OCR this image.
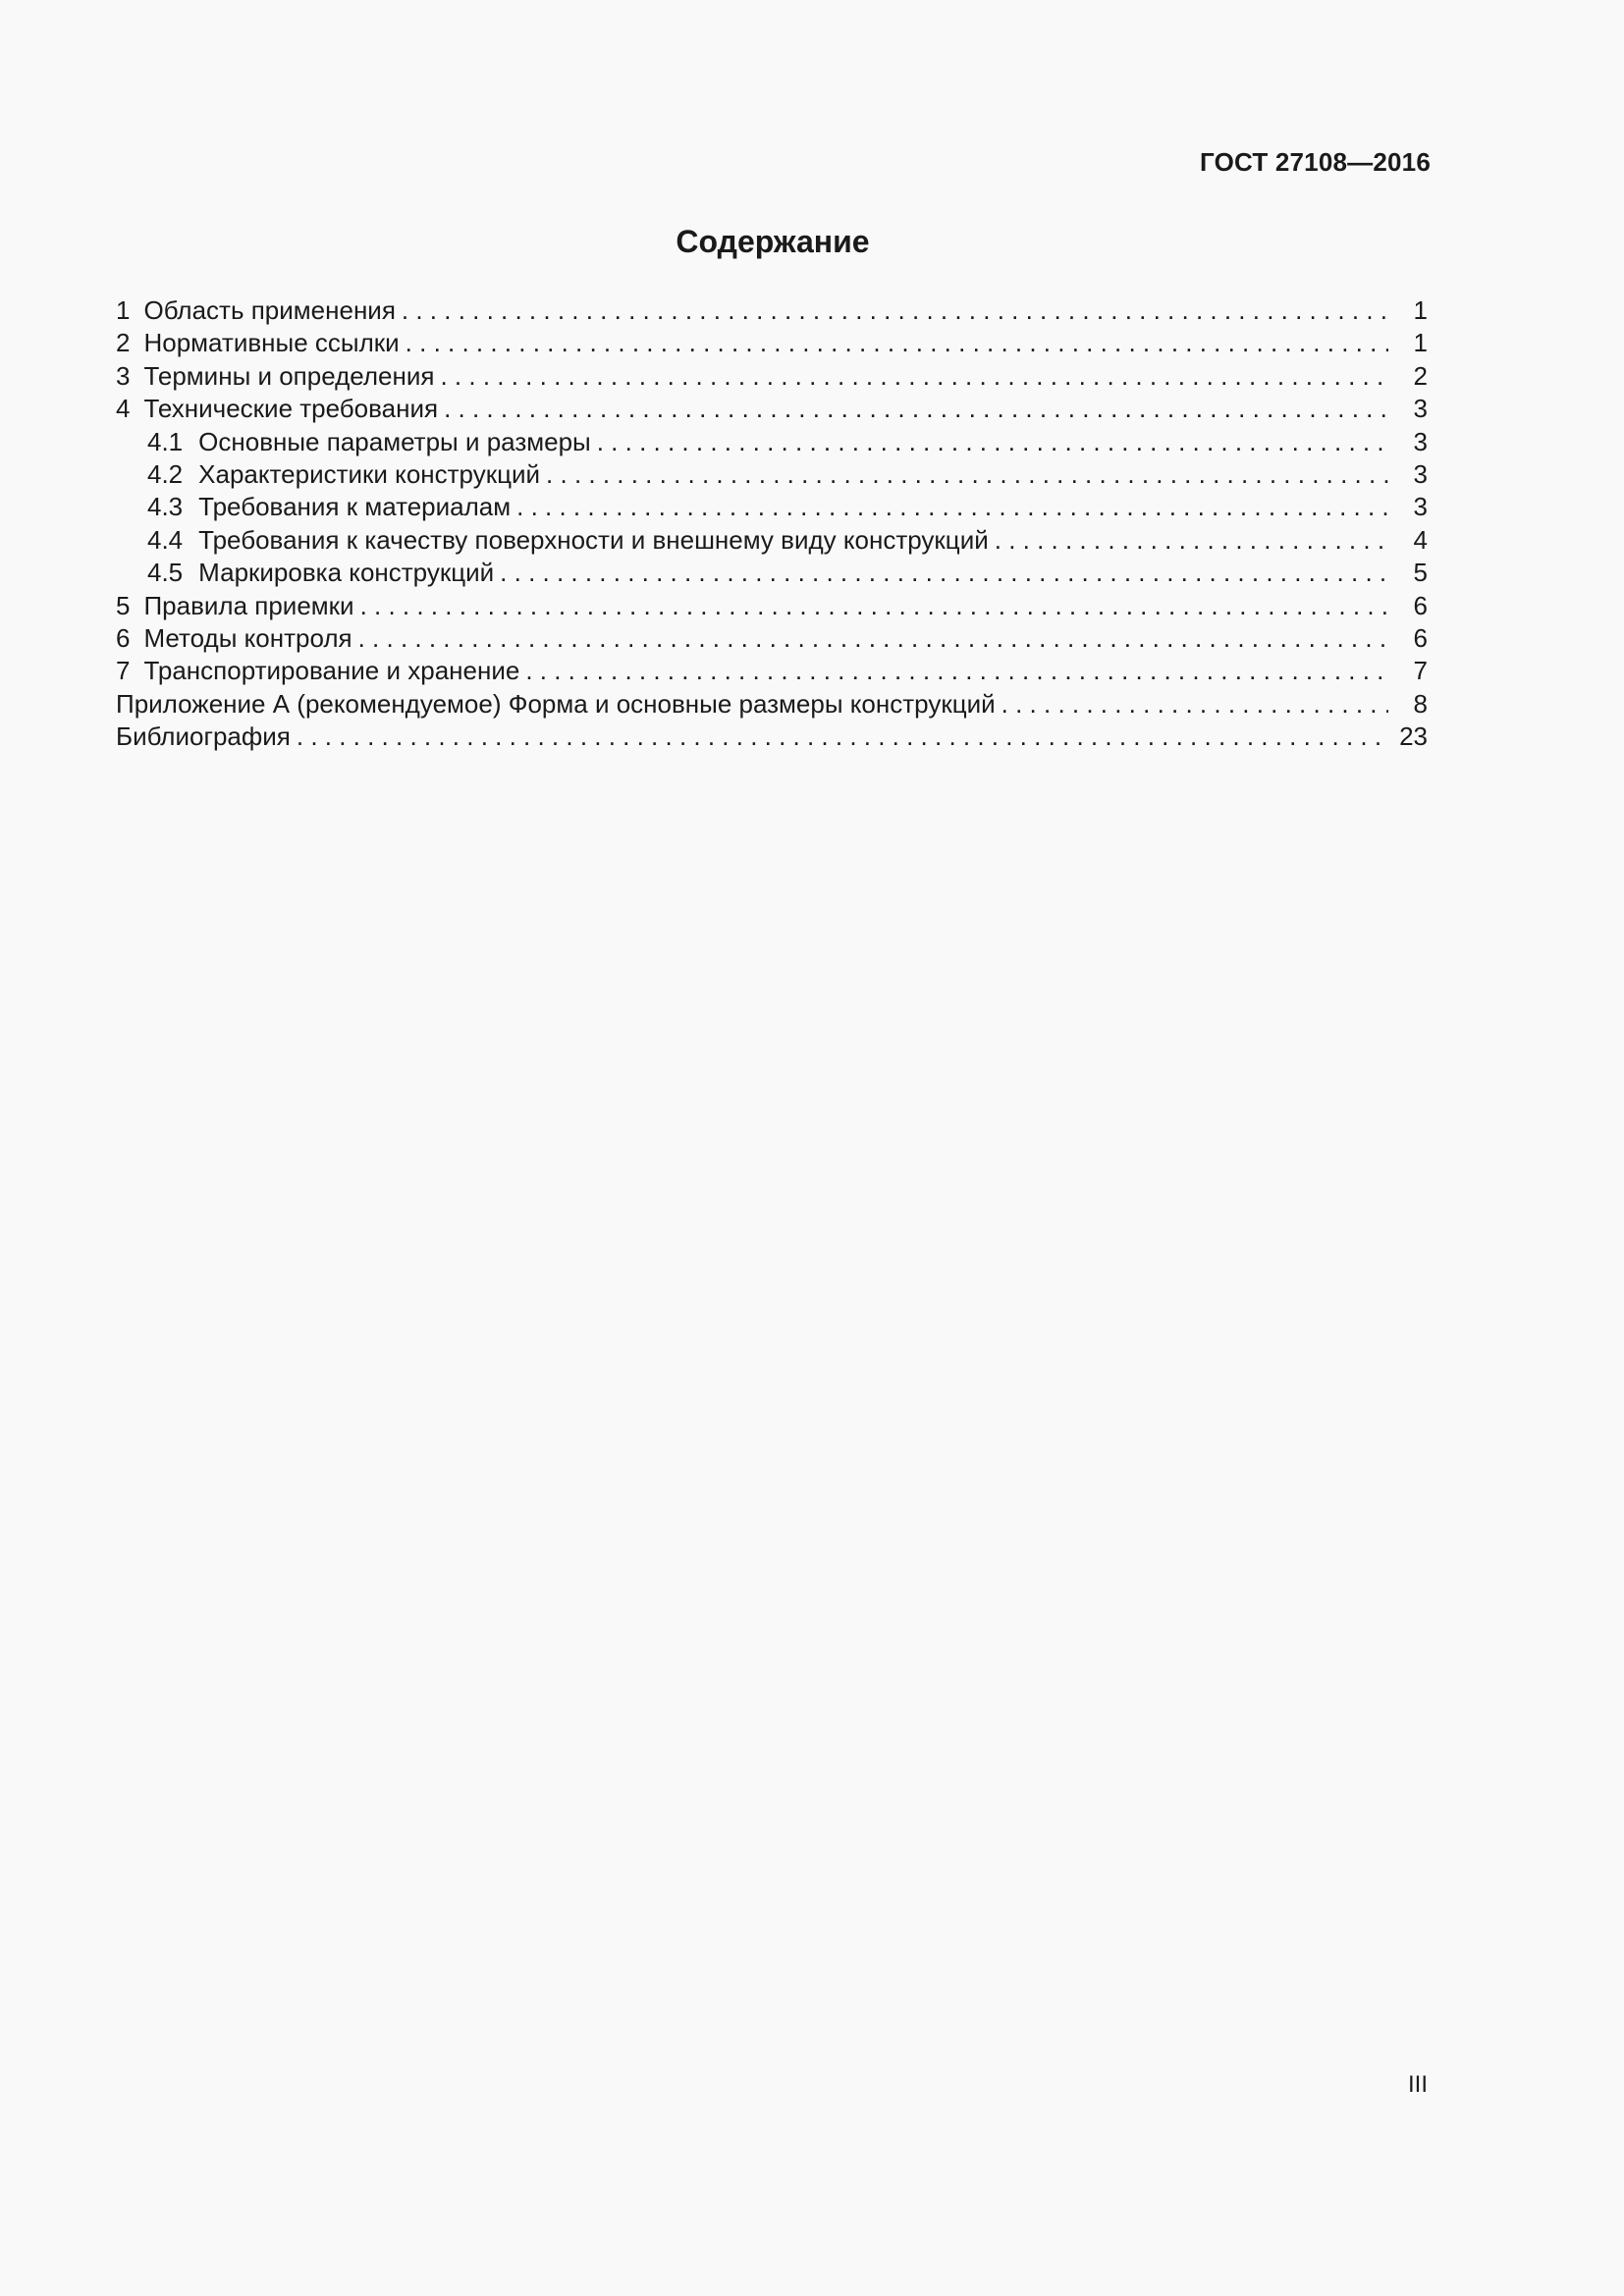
ГОСТ 27108—2016
Содержание
1 Область применения . . .	1
2 Нормативные ссылки . . .	1
3 Термины и определения . . .	2
4 Технические требования . . .	3
4.1 Основные параметры и размеры . . .	3
4.2 Характеристики конструкций . . .	3
4.3 Требования к материалам . . .	3
4.4 Требования к качеству поверхности и внешнему виду конструкций . . .	4
4.5 Маркировка конструкций . . .	5
5 Правила приемки . . .	6
6 Методы контроля . . .	6
7 Транспортирование и хранение . . .	7
Приложение А (рекомендуемое) Форма и основные размеры конструкций . . .	8
Библиография . . .	23
III
